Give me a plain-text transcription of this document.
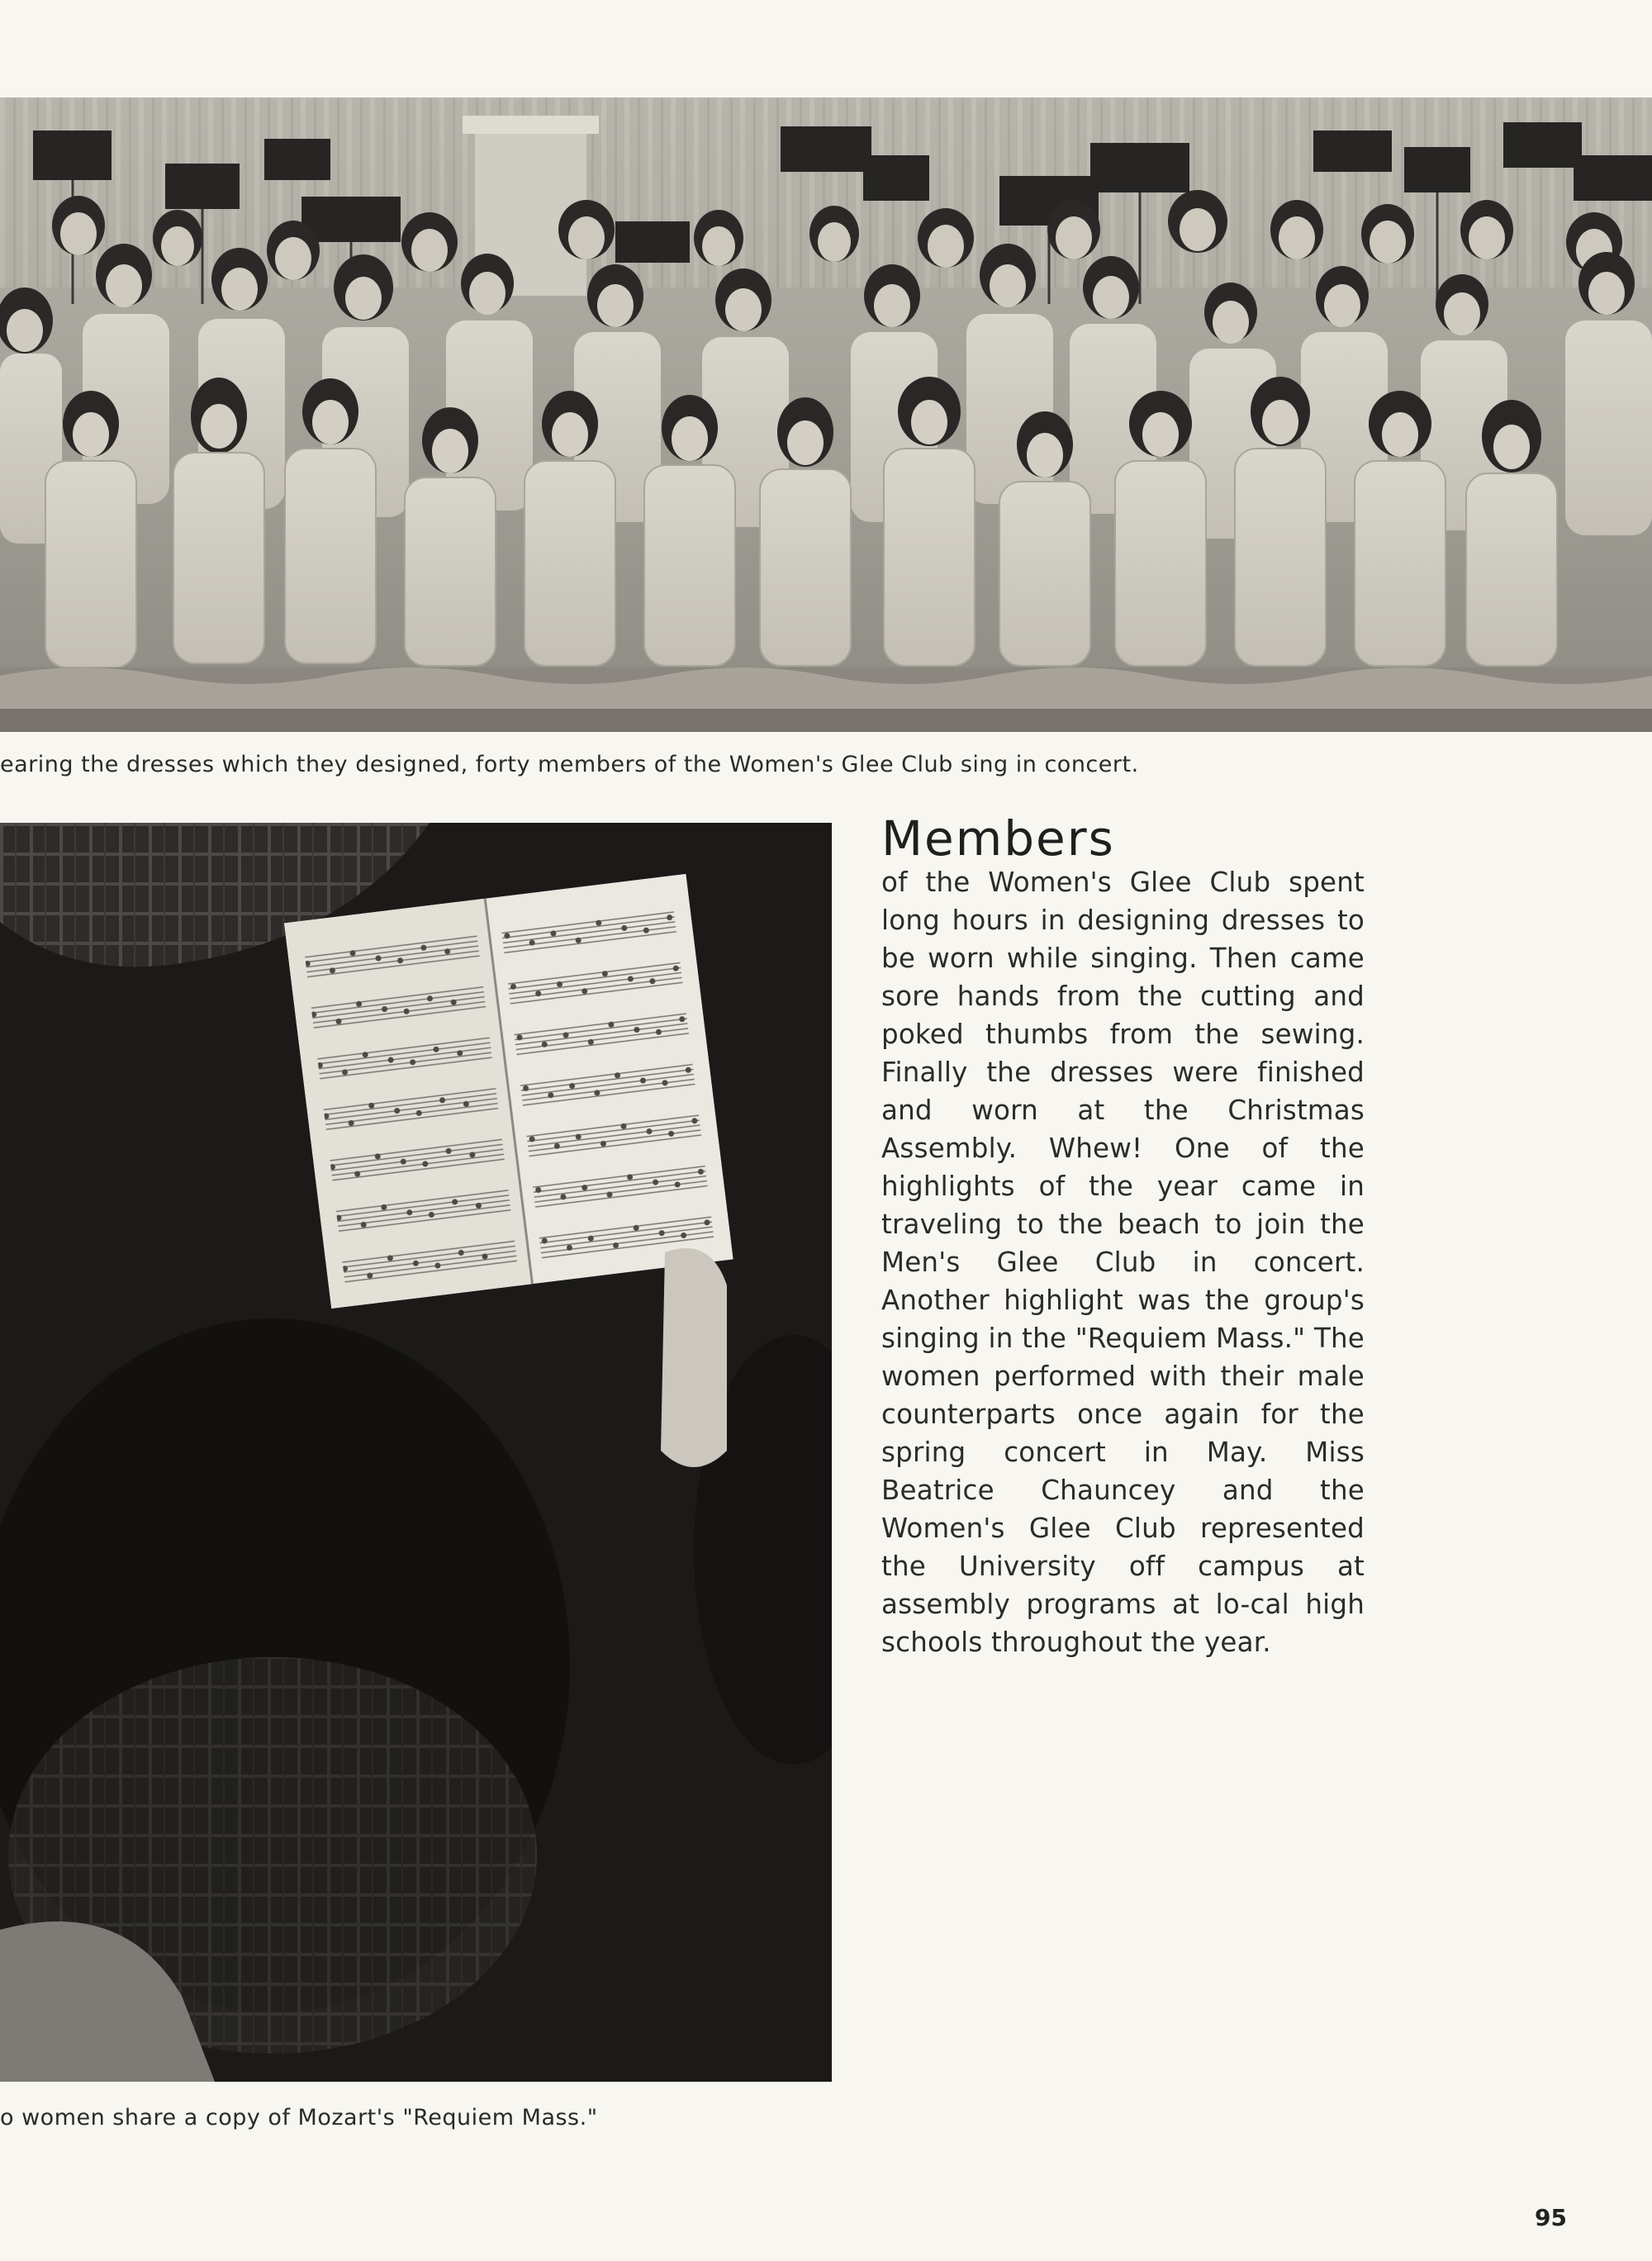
earing the dresses which they designed, forty members of the Women's Glee Club sing in concert.
o women share a copy of Mozart's "Requiem Mass."
Members

of the Women's Glee Club spent long hours in designing dresses to be worn while singing. Then came sore hands from the cutting and poked thumbs from the sewing. Finally the dresses were finished and worn at the Christmas Assembly. Whew! One of the highlights of the year came in traveling to the beach to join the Men's Glee Club in concert. Another highlight was the group's singing in the "Requiem Mass." The women performed with their male counterparts once again for the spring concert in May. Miss Beatrice Chauncey and the Women's Glee Club represented the University off campus at assembly programs at lo-cal high schools throughout the year.

95
